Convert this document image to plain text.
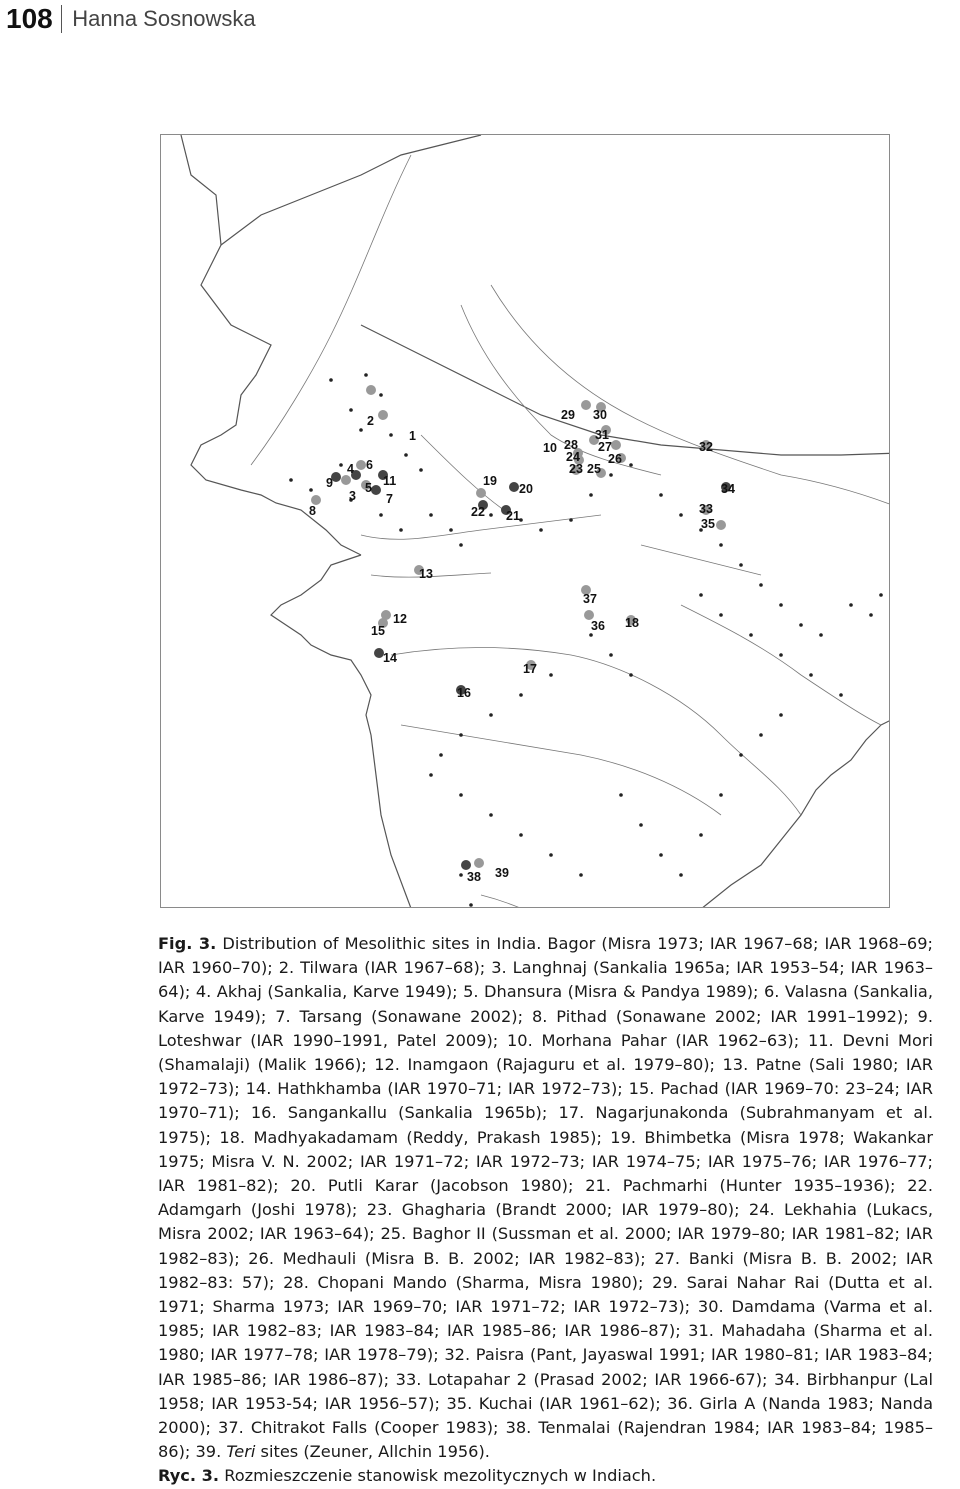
108 Hanna Sosnowska
1
2
3
4
5
6
7
8
9
10
11
12
13
14
15
16
17
18
19
20
21
22
23
24
25
26
27
28
29 30
31
32
33
34
35
36
37
38 39

Fig. 3. Distribution of Mesolithic sites in India. Bagor (Misra 1973; IAR 1967–68; IAR 1968–69; IAR 1960–70); 2. Tilwara (IAR 1967–68); 3. Langhnaj (Sankalia 1965a; IAR 1953–54; IAR 1963–64); 4. Akhaj (Sankalia, Karve 1949); 5. Dhansura (Misra & Pandya 1989); 6. Valasna (Sankalia, Karve 1949); 7. Tarsang (Sonawane 2002); 8. Pithad (Sonawane 2002; IAR 1991–1992); 9. Loteshwar (IAR 1990–1991, Patel 2009); 10. Morhana Pahar (IAR 1962–63); 11. Devni Mori (Shamalaji) (Malik 1966); 12. Inamgaon (Rajaguru et al. 1979–80); 13. Patne (Sali 1980; IAR 1972–73); 14. Hathkhamba (IAR 1970–71; IAR 1972–73); 15. Pachad (IAR 1969–70: 23–24; IAR 1970–71); 16. Sangankallu (Sankalia 1965b); 17. Nagarjunakonda (Subrahmanyam et al. 1975); 18. Madhyakadamam (Reddy, Prakash 1985); 19. Bhimbetka (Misra 1978; Wakankar 1975; Misra V. N. 2002; IAR 1971–72; IAR 1972–73; IAR 1974–75; IAR 1975–76; IAR 1976–77; IAR 1981–82); 20. Putli Karar (Jacobson 1980); 21. Pachmarhi (Hunter 1935–1936); 22. Adamgarh (Joshi 1978); 23. Ghagharia (Brandt 2000; IAR 1979–80); 24. Lekhahia (Lukacs, Misra 2002; IAR 1963–64); 25. Baghor II (Sussman et al. 2000; IAR 1979–80; IAR 1981–82; IAR 1982–83); 26. Medhauli (Misra B. B. 2002; IAR 1982–83); 27. Banki (Misra B. B. 2002; IAR 1982–83: 57); 28. Chopani Mando (Sharma, Misra 1980); 29. Sarai Nahar Rai (Dutta et al. 1971; Sharma 1973; IAR 1969–70; IAR 1971–72; IAR 1972–73); 30. Damdama (Varma et al. 1985; IAR 1982–83; IAR 1983–84; IAR 1985–86; IAR 1986–87); 31. Mahadaha (Sharma et al. 1980; IAR 1977–78; IAR 1978–79); 32. Paisra (Pant, Jayaswal 1991; IAR 1980–81; IAR 1983–84; IAR 1985–86; IAR 1986–87); 33. Lotapahar 2 (Prasad 2002; IAR 1966-67); 34. Birbhanpur (Lal 1958; IAR 1953-54; IAR 1956–57); 35. Kuchai (IAR 1961–62); 36. Girla A (Nanda 1983; Nanda 2000); 37. Chitrakot Falls (Cooper 1983); 38. Tenmalai (Rajendran 1984; IAR 1983–84; 1985–86); 39. Teri sites (Zeuner, Allchin 1956).

Ryc. 3. Rozmieszczenie stanowisk mezolitycznych w Indiach.
